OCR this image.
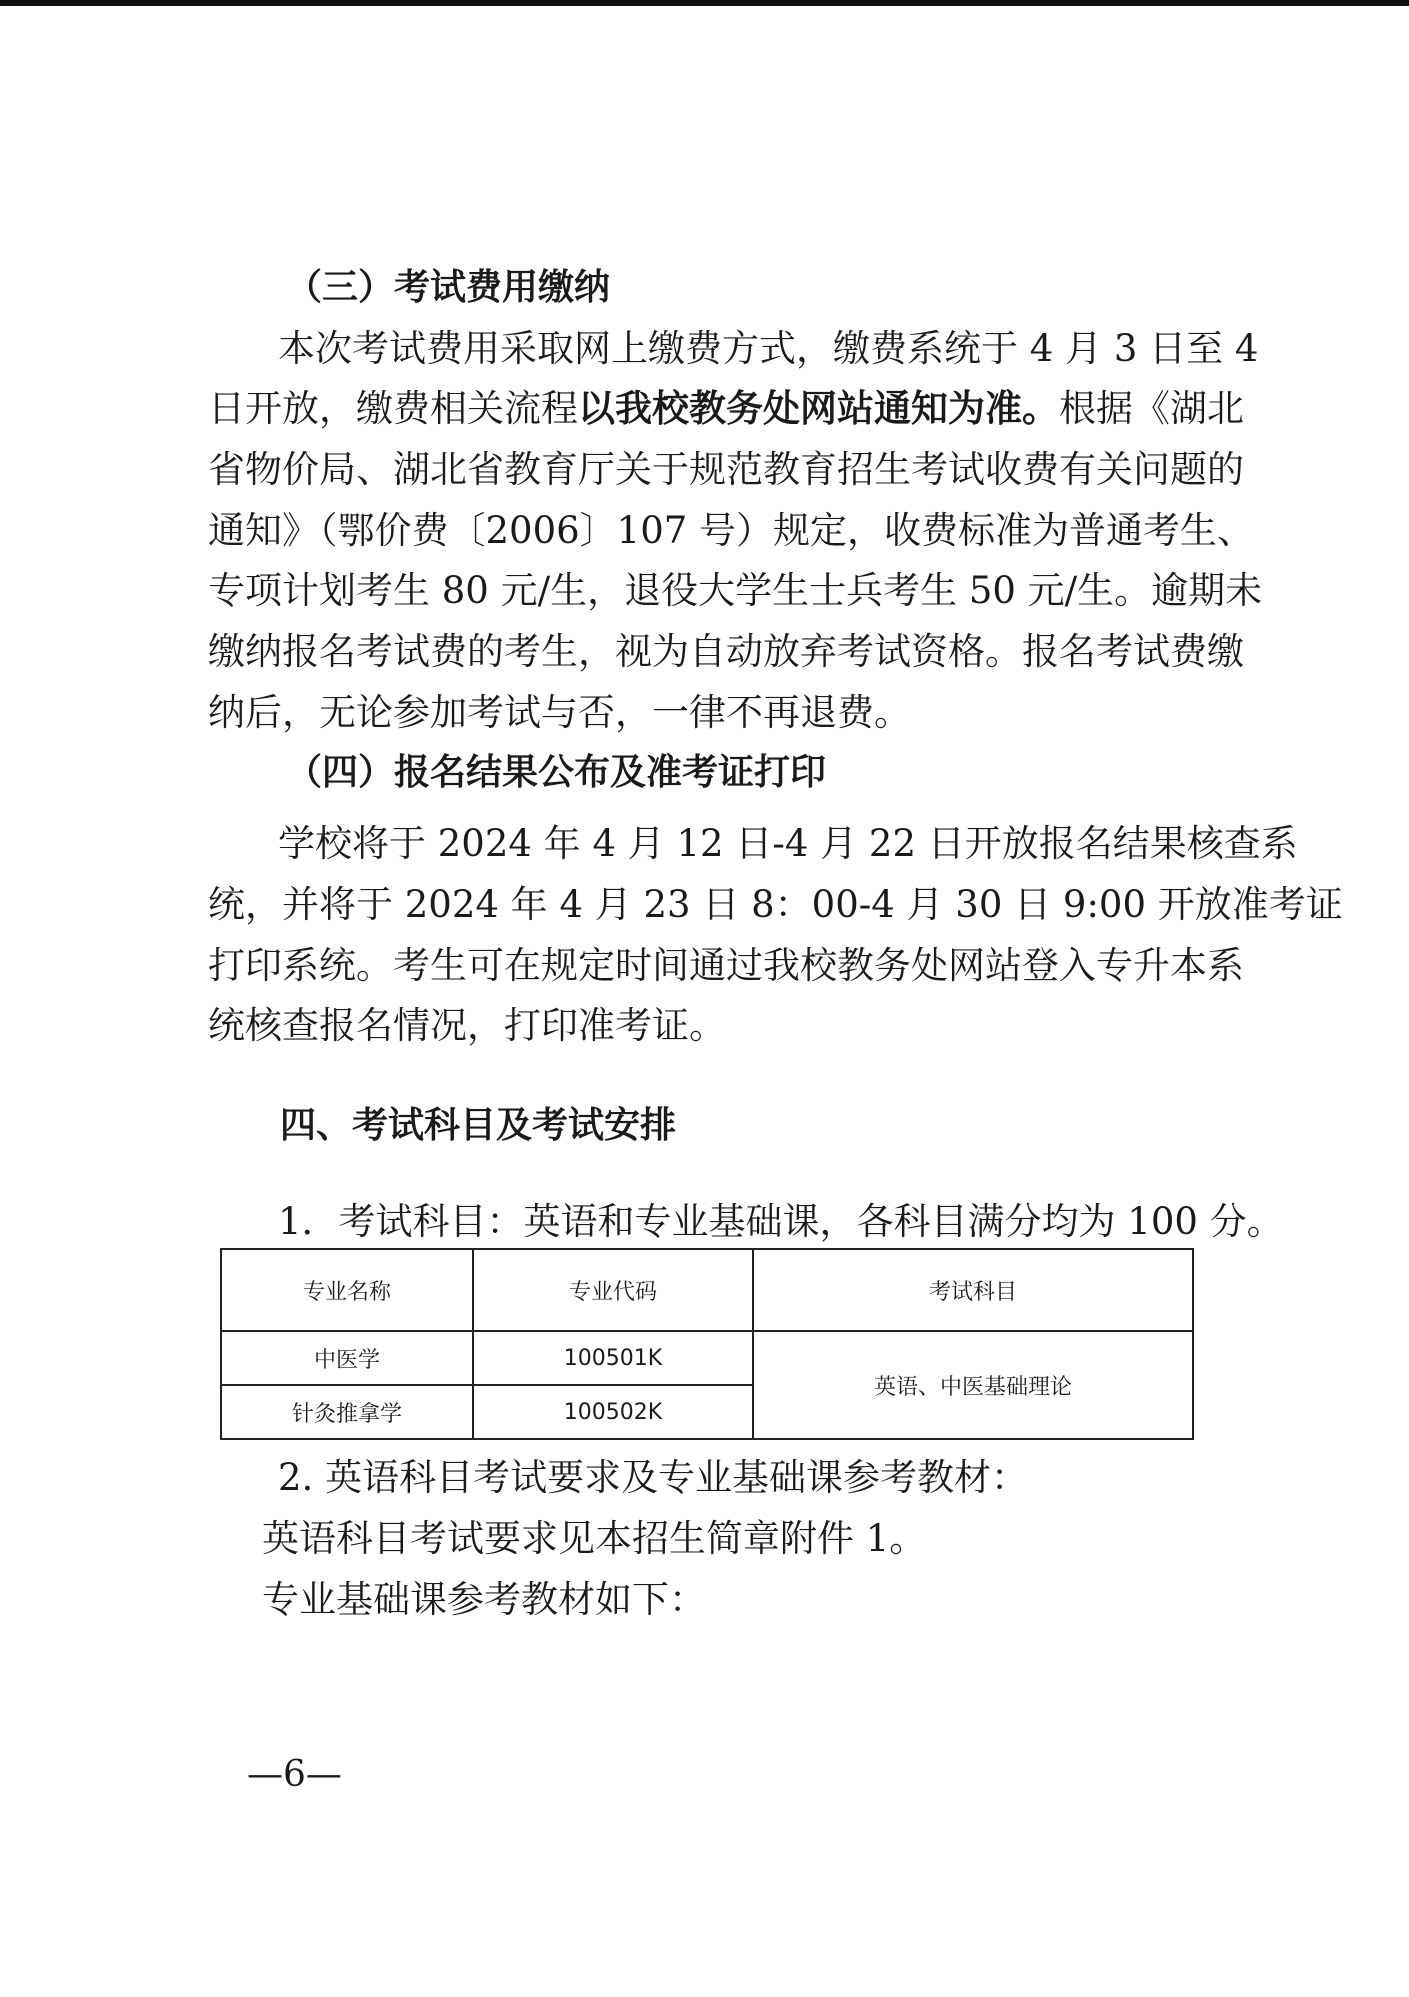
（三）考试费用缴纳
本次考试费用采取网上缴费方式，缴费系统于 4 月 3 日至 4
日开放，缴费相关流程以我校教务处网站通知为准。根据《湖北
省物价局、湖北省教育厅关于规范教育招生考试收费有关问题的
通知》（鄂价费〔2006〕107 号）规定，收费标准为普通考生、
专项计划考生 80 元/生，退役大学生士兵考生 50 元/生。逾期未
缴纳报名考试费的考生，视为自动放弃考试资格。报名考试费缴
纳后，无论参加考试与否，一律不再退费。
（四）报名结果公布及准考证打印
学校将于 2024 年 4 月 12 日-4 月 22 日开放报名结果核查系
统，并将于 2024 年 4 月 23 日 8：00-4 月 30 日 9:00 开放准考证
打印系统。考生可在规定时间通过我校教务处网站登入专升本系
统核查报名情况，打印准考证。
四、考试科目及考试安排
1．考试科目：英语和专业基础课，各科目满分均为 100 分。
专业名称	专业代码	考试科目
中医学	100501K	英语、中医基础理论
针灸推拿学	100502K	
2. 英语科目考试要求及专业基础课参考教材：
英语科目考试要求见本招生简章附件 1。
专业基础课参考教材如下：
—6—
